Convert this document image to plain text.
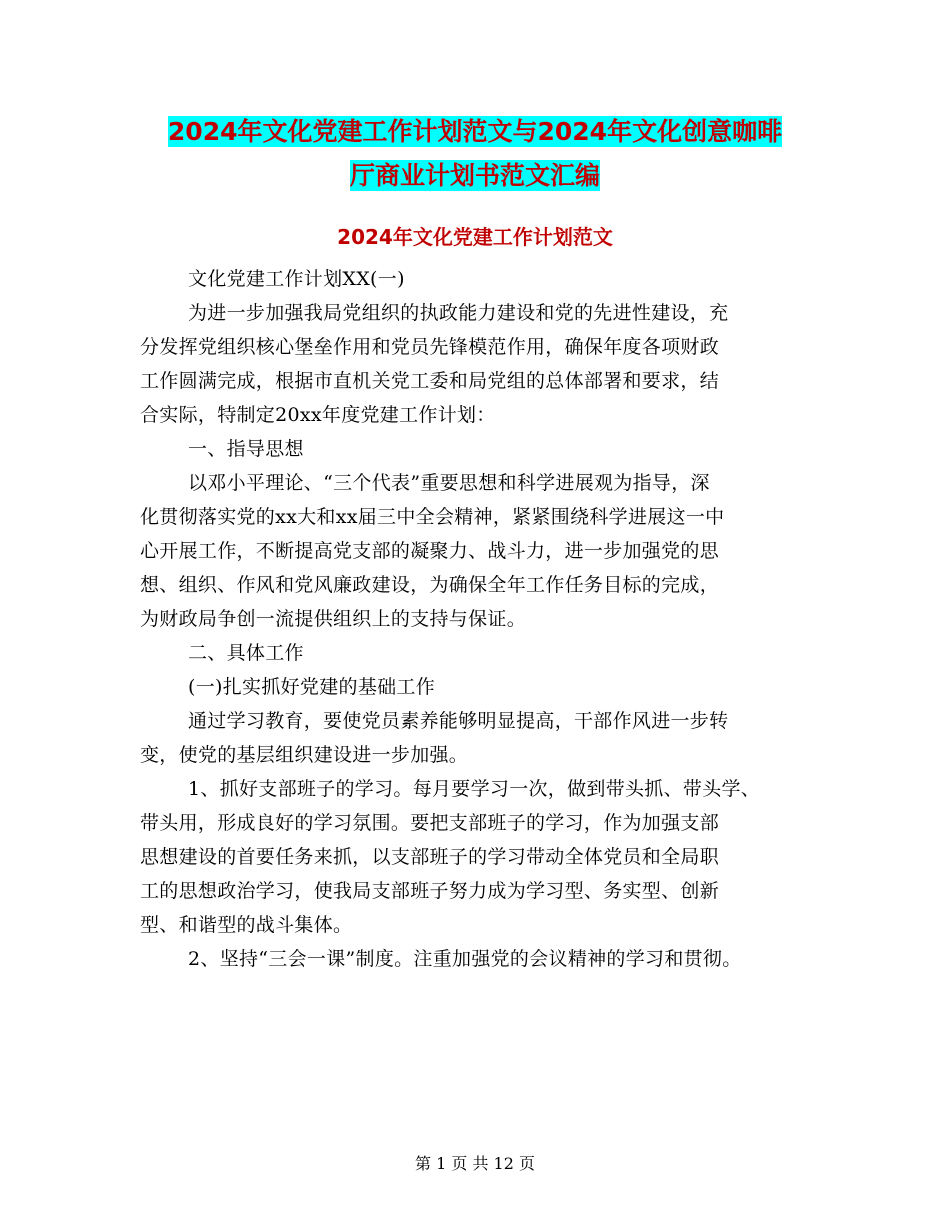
2024年文化党建工作计划范文与2024年文化创意咖啡
厅商业计划书范文汇编
2024年文化党建工作计划范文

文化党建工作计划XX(一)

为进一步加强我局党组织的执政能力建设和党的先进性建设，充

分发挥党组织核心堡垒作用和党员先锋模范作用，确保年度各项财政

工作圆满完成，根据市直机关党工委和局党组的总体部署和要求，结

合实际，特制定20xx年度党建工作计划：

一、指导思想

以邓小平理论、“三个代表”重要思想和科学进展观为指导，深

化贯彻落实党的xx大和xx届三中全会精神，紧紧围绕科学进展这一中

心开展工作，不断提高党支部的凝聚力、战斗力，进一步加强党的思

想、组织、作风和党风廉政建设，为确保全年工作任务目标的完成，

为财政局争创一流提供组织上的支持与保证。

二、具体工作

(一)扎实抓好党建的基础工作

通过学习教育，要使党员素养能够明显提高，干部作风进一步转

变，使党的基层组织建设进一步加强。

1、抓好支部班子的学习。每月要学习一次，做到带头抓、带头学、

带头用，形成良好的学习氛围。要把支部班子的学习，作为加强支部

思想建设的首要任务来抓，以支部班子的学习带动全体党员和全局职

工的思想政治学习，使我局支部班子努力成为学习型、务实型、创新

型、和谐型的战斗集体。

2、坚持“三会一课”制度。注重加强党的会议精神的学习和贯彻。

第 1 页 共 12 页
